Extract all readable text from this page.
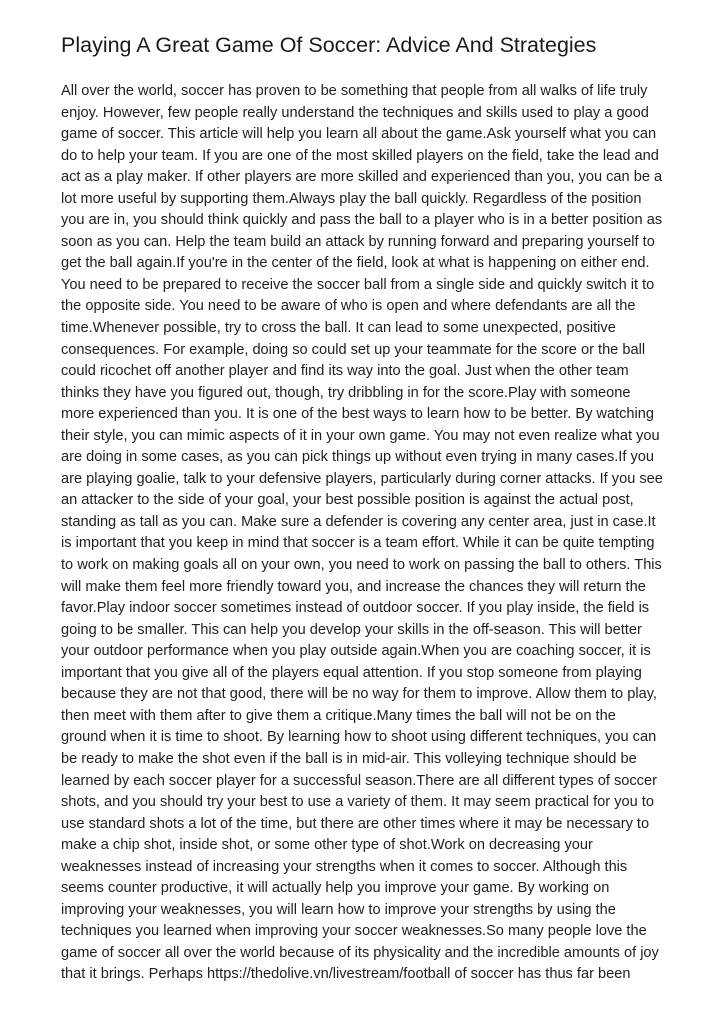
Playing A Great Game Of Soccer: Advice And Strategies

All over the world, soccer has proven to be something that people from all walks of life truly
enjoy. However, few people really understand the techniques and skills used to play a good
game of soccer. This article will help you learn all about the game.Ask yourself what you can
do to help your team. If you are one of the most skilled players on the field, take the lead and
act as a play maker. If other players are more skilled and experienced than you, you can be a
lot more useful by supporting them.Always play the ball quickly. Regardless of the position
you are in, you should think quickly and pass the ball to a player who is in a better position as
soon as you can. Help the team build an attack by running forward and preparing yourself to
get the ball again.If you're in the center of the field, look at what is happening on either end.
You need to be prepared to receive the soccer ball from a single side and quickly switch it to
the opposite side. You need to be aware of who is open and where defendants are all the
time.Whenever possible, try to cross the ball. It can lead to some unexpected, positive
consequences. For example, doing so could set up your teammate for the score or the ball
could ricochet off another player and find its way into the goal. Just when the other team
thinks they have you figured out, though, try dribbling in for the score.Play with someone
more experienced than you. It is one of the best ways to learn how to be better. By watching
their style, you can mimic aspects of it in your own game. You may not even realize what you
are doing in some cases, as you can pick things up without even trying in many cases.If you
are playing goalie, talk to your defensive players, particularly during corner attacks. If you see
an attacker to the side of your goal, your best possible position is against the actual post,
standing as tall as you can. Make sure a defender is covering any center area, just in case.It
is important that you keep in mind that soccer is a team effort. While it can be quite tempting
to work on making goals all on your own, you need to work on passing the ball to others. This
will make them feel more friendly toward you, and increase the chances they will return the
favor.Play indoor soccer sometimes instead of outdoor soccer. If you play inside, the field is
going to be smaller. This can help you develop your skills in the off-season. This will better
your outdoor performance when you play outside again.When you are coaching soccer, it is
important that you give all of the players equal attention. If you stop someone from playing
because they are not that good, there will be no way for them to improve. Allow them to play,
then meet with them after to give them a critique.Many times the ball will not be on the
ground when it is time to shoot. By learning how to shoot using different techniques, you can
be ready to make the shot even if the ball is in mid-air. This volleying technique should be
learned by each soccer player for a successful season.There are all different types of soccer
shots, and you should try your best to use a variety of them. It may seem practical for you to
use standard shots a lot of the time, but there are other times where it may be necessary to
make a chip shot, inside shot, or some other type of shot.Work on decreasing your
weaknesses instead of increasing your strengths when it comes to soccer. Although this
seems counter productive, it will actually help you improve your game. By working on
improving your weaknesses, you will learn how to improve your strengths by using the
techniques you learned when improving your soccer weaknesses.So many people love the
game of soccer all over the world because of its physicality and the incredible amounts of joy
that it brings. Perhaps https://thedolive.vn/livestream/football of soccer has thus far been
